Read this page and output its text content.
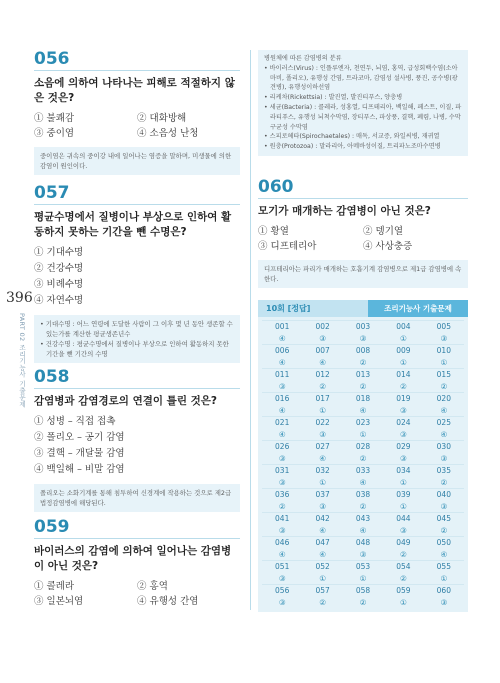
396
PART 02 조리기능사 기출문제
056
소음에 의하여 나타나는 피해로 적절하지 않은 것은?
① 불쾌감	② 대화방해
③ 중이염	④ 소음성 난청
중이염은 귀속의 중이강 내에 일어나는 염증을 말하며, 미생물에 의한 감염이 원인이다.
057
평균수명에서 질병이나 부상으로 인하여 활동하지 못하는 기간을 뺀 수명은?
① 기대수명
② 건강수명
③ 비례수명
④ 자연수명
• 기대수명 : 어느 연령에 도달한 사람이 그 이후 몇 년 동안 생존할 수 있는가를 계산한 평균생존년수
• 건강수명 : 평균수명에서 질병이나 부상으로 인하여 활동하지 못한 기간을 뺀 기간의 수명
058
감염병과 감염경로의 연결이 틀린 것은?
① 성병 – 직접 접촉
② 폴리오 – 공기 감염
③ 결핵 – 개달물 감염
④ 백일해 – 비말 감염
폴리오는 소화기계를 통해 침투하여 신경계에 작용하는 것으로 제2급 법정감염병에 해당된다.
059
바이러스의 감염에 의하여 일어나는 감염병이 아닌 것은?
① 콜레라	② 홍역
③ 일본뇌염	④ 유행성 간염
병원체에 따른 감염병의 분류
• 바이러스(Virus) : 인플루엔자, 천연두, 뇌염, 홍역, 급성회백수염(소아마비, 폴리오), 유행성 간염, 트라코마, 감염성 설사병, 풍진, 공수병(광견병), 유행성이하선염
• 리케차(Rickettsia) : 발진열, 발진티푸스, 양충병
• 세균(Bacteria) : 콜레라, 성홍열, 디프테리아, 백일해, 페스트, 이질, 파라티푸스, 유행성 뇌척수막염, 장티푸스, 파상풍, 결핵, 폐렴, 나병, 수막구균성 수막염
• 스피로헤타(Spirochaetales) : 매독, 서교증, 와일씨병, 재귀열
• 원충(Protozoa) : 말라리아, 아메바성이질, 트리파노조마수면병
060
모기가 매개하는 감염병이 아닌 것은?
① 황열	② 뎅기열
③ 디프테리아	④ 사상충증
디프테리아는 파리가 매개하는 호흡기계 감염병으로 제1급 감염병에 속한다.
10회 [정답]	조리기능사 기출문제
001	002	003	004	005
④	③	③	①	③
006	007	008	009	010
④	④	②	①	①
011	012	013	014	015
③	②	②	②	②
016	017	018	019	020
④	①	④	③	④
021	022	023	024	025
④	③	①	③	④
026	027	028	029	030
③	④	②	③	③
031	032	033	034	035
③	①	④	①	②
036	037	038	039	040
②	③	②	①	③
041	042	043	044	045
③	④	④	③	②
046	047	048	049	050
④	④	③	②	④
051	052	053	054	055
③	①	①	②	①
056	057	058	059	060
③	②	②	①	③
